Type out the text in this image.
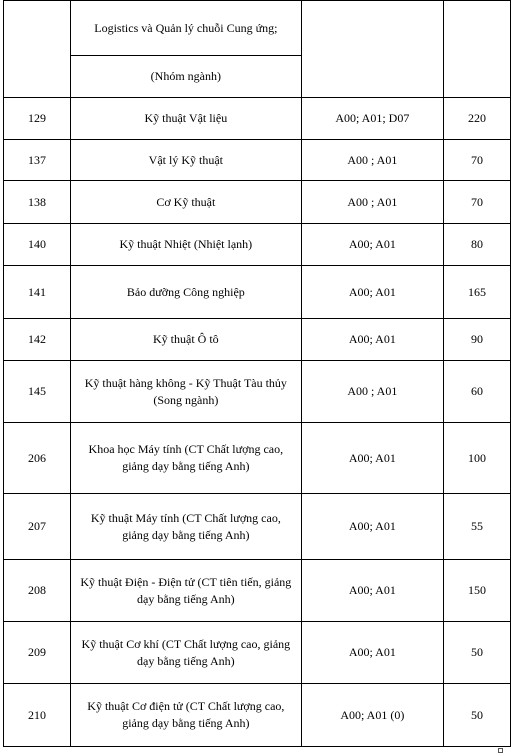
	Logistics và Quản lý chuỗi Cung ứng;		
	(Nhóm ngành)		
129	Kỹ thuật Vật liệu	A00; A01; D07	220
137	Vật lý Kỹ thuật	A00 ; A01	70
138	Cơ Kỹ thuật	A00 ; A01	70
140	Kỹ thuật Nhiệt (Nhiệt lạnh)	A00; A01	80
141	Bảo dưỡng Công nghiệp	A00; A01	165
142	Kỹ thuật Ô tô	A00; A01	90
145	Kỹ thuật hàng không - Kỹ Thuật Tàu thủy (Song ngành)	A00 ; A01	60
206	Khoa học Máy tính (CT Chất lượng cao, giảng dạy bằng tiếng Anh)	A00; A01	100
207	Kỹ thuật Máy tính (CT Chất lượng cao, giảng dạy bằng tiếng Anh)	A00; A01	55
208	Kỹ thuật Điện - Điện tử (CT tiên tiến, giảng dạy bằng tiếng Anh)	A00; A01	150
209	Kỹ thuật Cơ khí (CT Chất lượng cao, giảng dạy bằng tiếng Anh)	A00; A01	50
210	Kỹ thuật Cơ điện tử (CT Chất lượng cao, giảng dạy bằng tiếng Anh)	A00; A01 (0)	50
